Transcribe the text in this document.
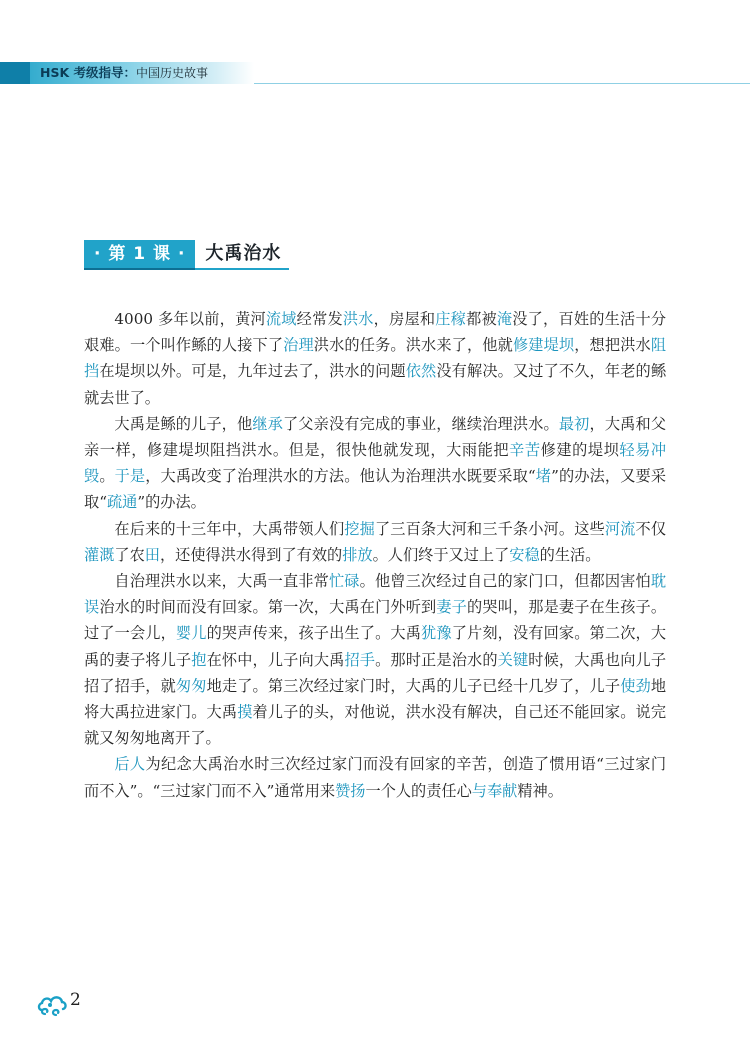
HSK 考级指导：中国历史故事
· 第 1 课 ·	大禹治水

4000 多年以前，黄河流域经常发洪水，房屋和庄稼都被淹没了，百姓的生活十分艰难。一个叫作鲧的人接下了治理洪水的任务。洪水来了，他就修建堤坝，想把洪水阻挡在堤坝以外。可是，九年过去了，洪水的问题依然没有解决。又过了不久，年老的鲧就去世了。

大禹是鲧的儿子，他继承了父亲没有完成的事业，继续治理洪水。最初，大禹和父亲一样，修建堤坝阻挡洪水。但是，很快他就发现，大雨能把辛苦修建的堤坝轻易冲毁。于是，大禹改变了治理洪水的方法。他认为治理洪水既要采取“堵”的办法，又要采取“疏通”的办法。

在后来的十三年中，大禹带领人们挖掘了三百条大河和三千条小河。这些河流不仅灌溉了农田，还使得洪水得到了有效的排放。人们终于又过上了安稳的生活。

自治理洪水以来，大禹一直非常忙碌。他曾三次经过自己的家门口，但都因害怕耽误治水的时间而没有回家。第一次，大禹在门外听到妻子的哭叫，那是妻子在生孩子。过了一会儿，婴儿的哭声传来，孩子出生了。大禹犹豫了片刻，没有回家。第二次，大禹的妻子将儿子抱在怀中，儿子向大禹招手。那时正是治水的关键时候，大禹也向儿子招了招手，就匆匆地走了。第三次经过家门时，大禹的儿子已经十几岁了，儿子使劲地将大禹拉进家门。大禹摸着儿子的头，对他说，洪水没有解决，自己还不能回家。说完就又匆匆地离开了。

后人为纪念大禹治水时三次经过家门而没有回家的辛苦，创造了惯用语“三过家门而不入”。“三过家门而不入”通常用来赞扬一个人的责任心与奉献精神。

2
